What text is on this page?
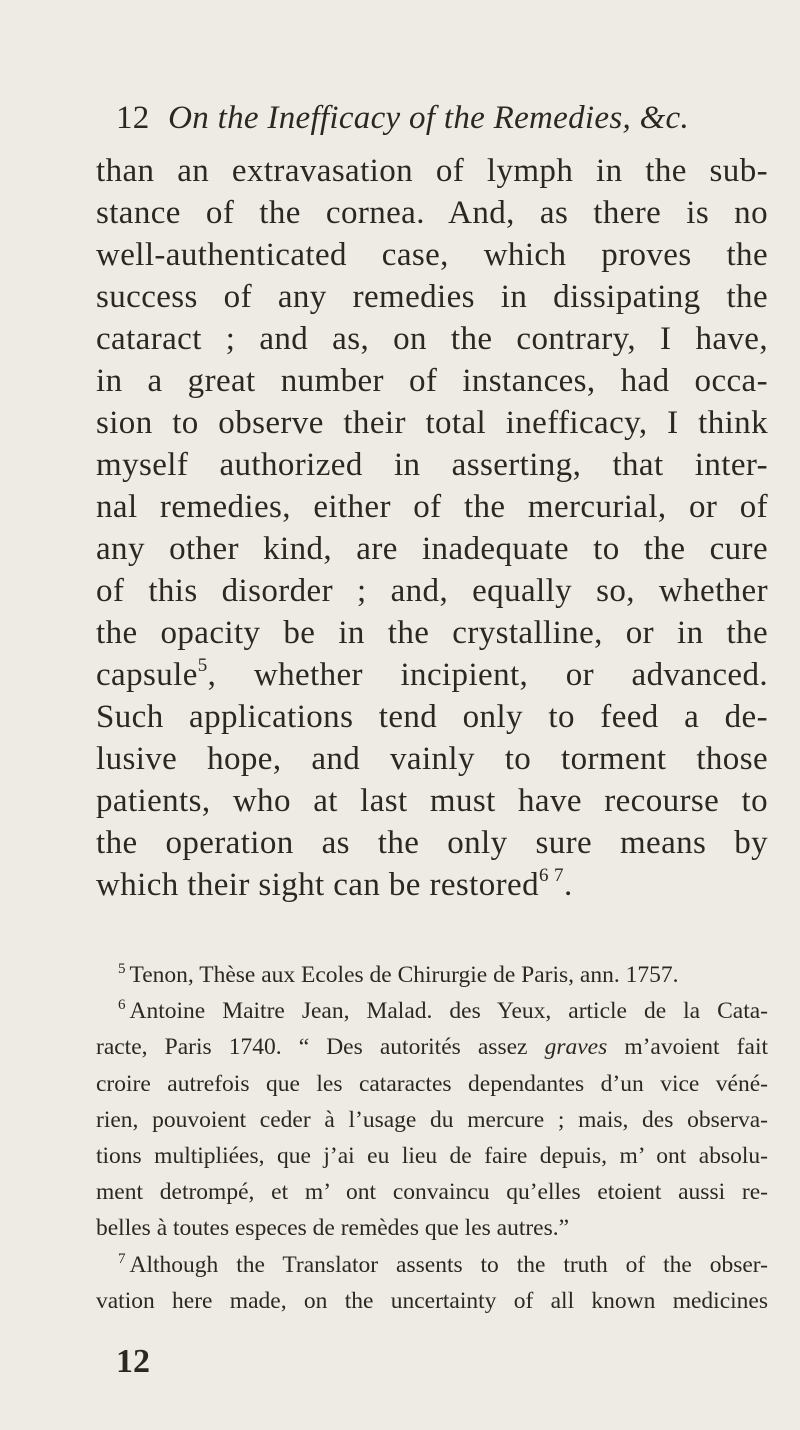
12 On the Inefficacy of the Remedies, &c.
than an extravasation of lymph in the sub-
stance of the cornea. And, as there is no
well-authenticated case, which proves the
success of any remedies in dissipating the
cataract ; and as, on the contrary, I have,
in a great number of instances, had occa-
sion to observe their total inefficacy, I think
myself authorized in asserting, that inter-
nal remedies, either of the mercurial, or of
any other kind, are inadequate to the cure
of this disorder ; and, equally so, whether
the opacity be in the crystalline, or in the
capsule$^5$, whether incipient, or advanced.
Such applications tend only to feed a de-
lusive hope, and vainly to torment those
patients, who at last must have recourse to
the operation as the only sure means by
which their sight can be restored$^{6 7}$.
$^5$ Tenon, Thèse aux Ecoles de Chirurgie de Paris, ann. 1757.
$^6$ Antoine Maitre Jean, Malad. des Yeux, article de la Cata-
racte, Paris 1740. “ Des autorités assez graves m’avoient fait
croire autrefois que les cataractes dependantes d’un vice véné-
rien, pouvoient ceder à l’usage du mercure ; mais, des observa-
tions multipliées, que j’ai eu lieu de faire depuis, m’ ont absolu-
ment detrompé, et m’ ont convaincu qu’elles etoient aussi re-
belles à toutes especes de remèdes que les autres.”
$^7$ Although the Translator assents to the truth of the obser-
vation here made, on the uncertainty of all known medicines
12
